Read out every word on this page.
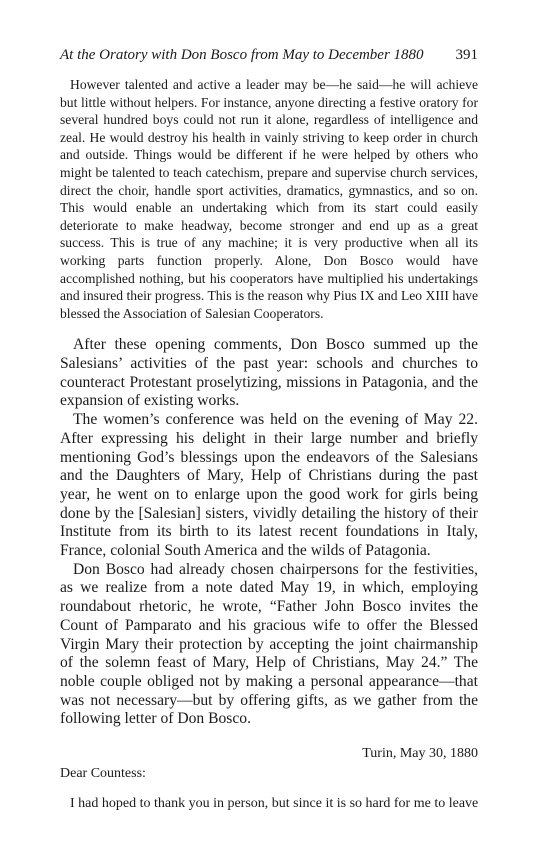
At the Oratory with Don Bosco from May to December 1880 391

However talented and active a leader may be—he said—he will achieve but little without helpers. For instance, anyone directing a festive oratory for several hundred boys could not run it alone, regardless of intelligence and zeal. He would destroy his health in vainly striving to keep order in church and outside. Things would be different if he were helped by others who might be talented to teach catechism, prepare and supervise church services, direct the choir, handle sport activities, dramatics, gymnastics, and so on. This would enable an undertaking which from its start could easily deteriorate to make headway, become stronger and end up as a great success. This is true of any machine; it is very productive when all its working parts function properly. Alone, Don Bosco would have accomplished nothing, but his cooperators have multiplied his undertakings and insured their progress. This is the reason why Pius IX and Leo XIII have blessed the Association of Salesian Cooperators.

After these opening comments, Don Bosco summed up the Salesians’ activities of the past year: schools and churches to counteract Protestant proselytizing, missions in Patagonia, and the expansion of existing works.

The women’s conference was held on the evening of May 22. After expressing his delight in their large number and briefly mentioning God’s blessings upon the endeavors of the Salesians and the Daughters of Mary, Help of Christians during the past year, he went on to enlarge upon the good work for girls being done by the [Salesian] sisters, vividly detailing the history of their Institute from its birth to its latest recent foundations in Italy, France, colonial South America and the wilds of Patagonia.

Don Bosco had already chosen chairpersons for the festivities, as we realize from a note dated May 19, in which, employing roundabout rhetoric, he wrote, “Father John Bosco invites the Count of Pamparato and his gracious wife to offer the Blessed Virgin Mary their protection by accepting the joint chairmanship of the solemn feast of Mary, Help of Christians, May 24.” The noble couple obliged not by making a personal appearance—that was not necessary—but by offering gifts, as we gather from the following letter of Don Bosco.

Turin, May 30, 1880

Dear Countess:

I had hoped to thank you in person, but since it is so hard for me to leave
